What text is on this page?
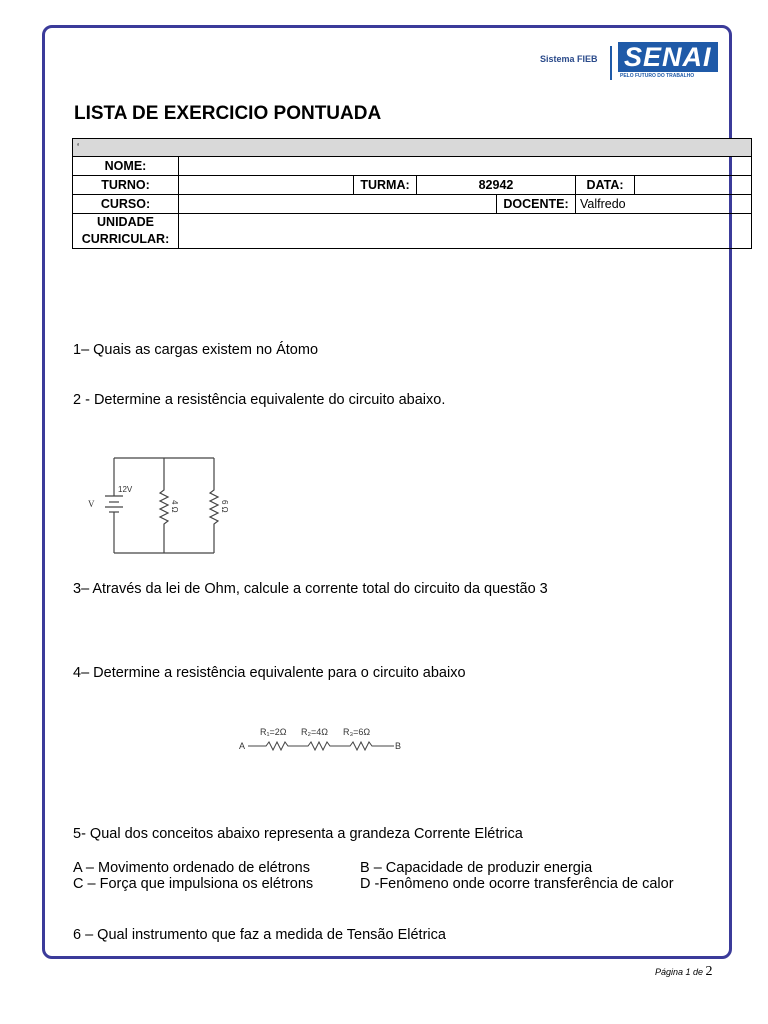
Sistema FIEB SENAI
PELO FUTURO DO TRABALHO
LISTA DE EXERCICIO PONTUADA
‘						
NOME:						
TURNO:		TURMA:	82942		DATA:	
CURSO:				DOCENTE:	Valfredo	
UNIDADE
CURRICULAR:						
1– Quais as cargas existem no Átomo
2 - Determine a resistência equivalente do circuito abaixo.
V
12V
4 Ω	6 Ω
3– Através da lei de Ohm, calcule a corrente total do circuito da questão 3
4– Determine a resistência equivalente para o circuito abaixo
A	B
R₁=2Ω R₂=4Ω R₃=6Ω
5- Qual dos conceitos abaixo representa a grandeza Corrente Elétrica
A – Movimento ordenado de elétrons	B – Capacidade de produzir energia
C – Força que impulsiona os elétrons	D -Fenômeno onde ocorre transferência de calor
6 – Qual instrumento que faz a medida de Tensão Elétrica
Página 1 de 2
